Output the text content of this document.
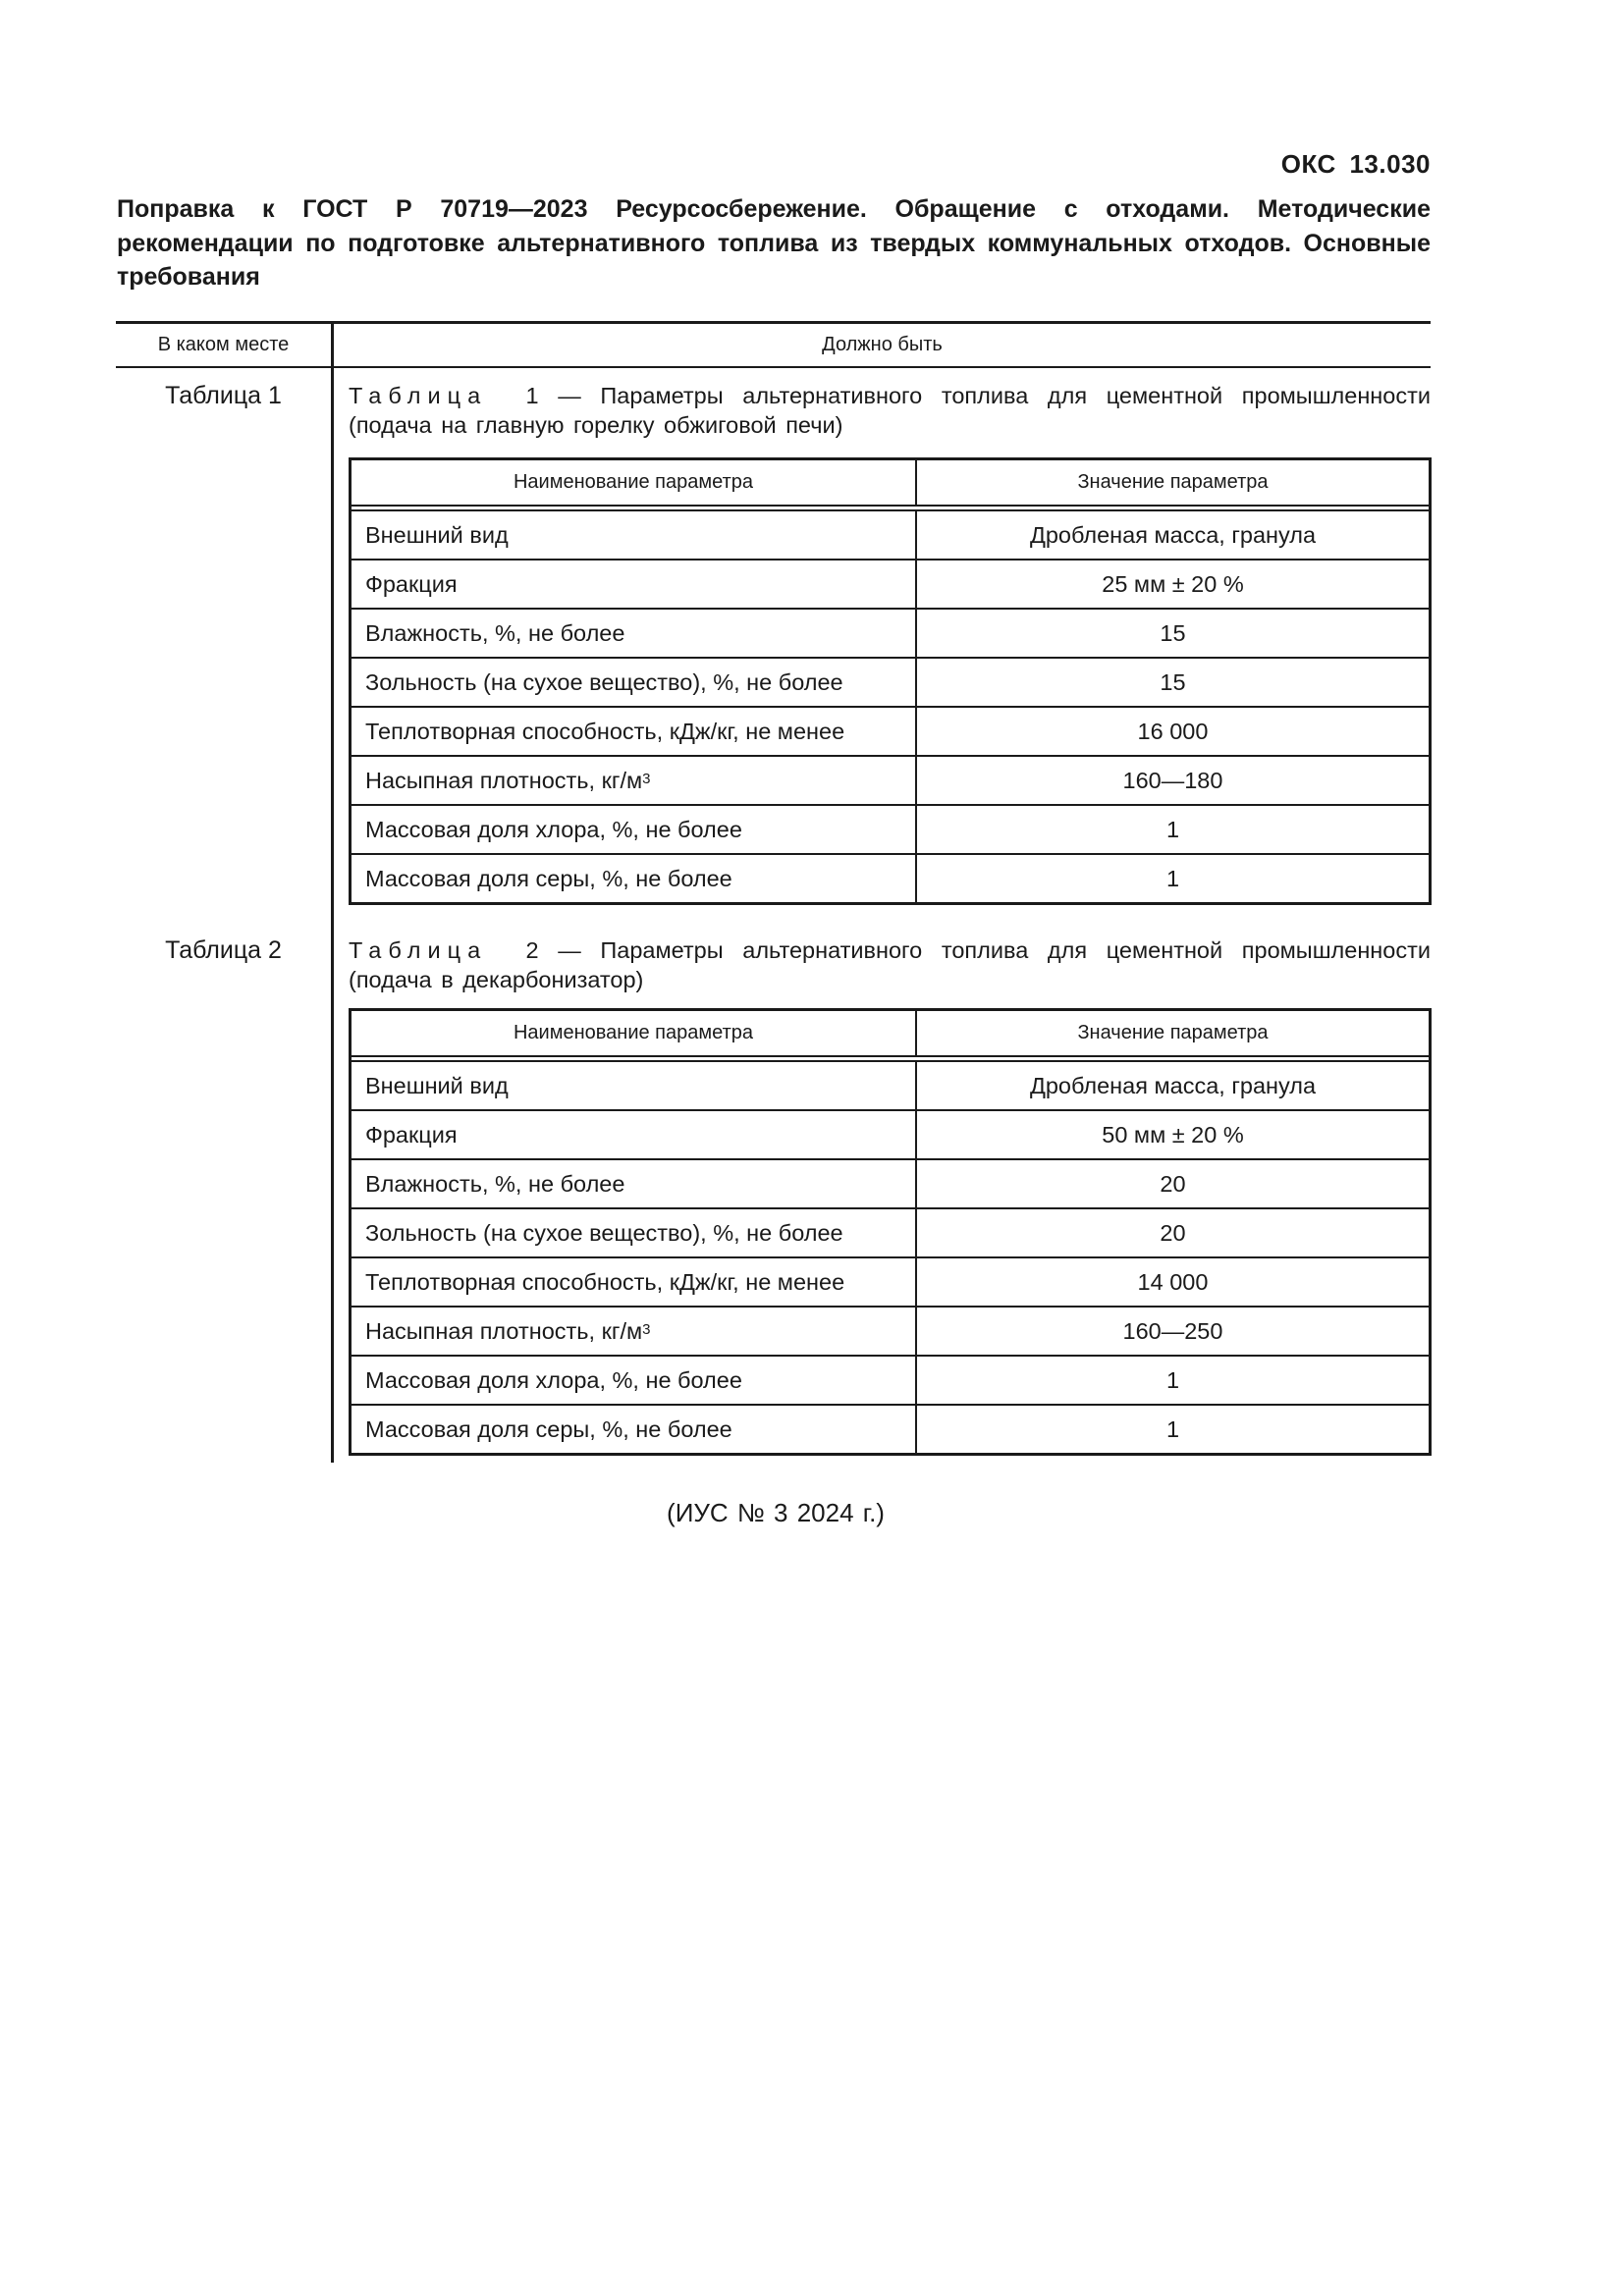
ОКС 13.030
Поправка к ГОСТ Р 70719—2023 Ресурсосбережение. Обращение с отходами. Методические рекомендации по подготовке альтернативного топлива из твердых коммунальных отходов. Основные требования
В каком месте	Должно быть
Таблица 1	Таблица 1 — Параметры альтернативного топлива для цементной промышленности (подача на главную горелку обжиговой печи)
Наименование параметра	Значение параметра
Внешний вид	Дробленая масса, гранула
Фракция	25 мм ± 20 %
Влажность, %, не более	15
Зольность (на сухое вещество), %, не более	15
Теплотворная способность, кДж/кг, не менее	16 000
Насыпная плотность, $кг/м^3$	160—180
Массовая доля хлора, %, не более	1
Массовая доля серы, %, не более	1
Таблица 2	Таблица 2 — Параметры альтернативного топлива для цементной промышленности (подача в декарбонизатор)
Наименование параметра	Значение параметра
Внешний вид	Дробленая масса, гранула
Фракция	50 мм ± 20 %
Влажность, %, не более	20
Зольность (на сухое вещество), %, не более	20
Теплотворная способность, кДж/кг, не менее	14 000
Насыпная плотность, $кг/м^3$	160—250
Массовая доля хлора, %, не более	1
Массовая доля серы, %, не более	1
(ИУС № 3 2024 г.)
